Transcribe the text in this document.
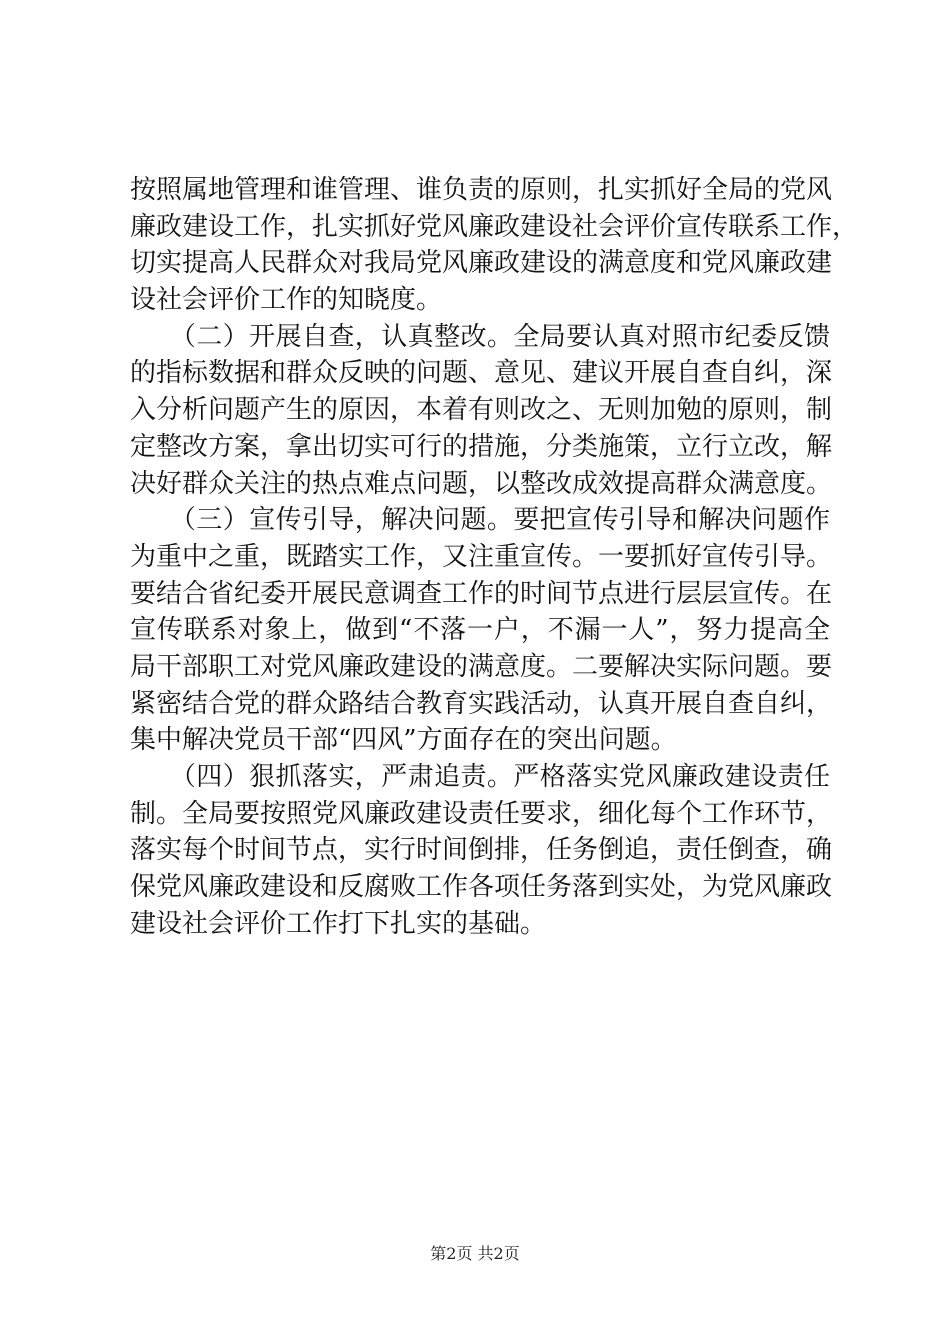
按照属地管理和谁管理、谁负责的原则，扎实抓好全局的党风
廉政建设工作，扎实抓好党风廉政建设社会评价宣传联系工作，
切实提高人民群众对我局党风廉政建设的满意度和党风廉政建
设社会评价工作的知晓度。
　　（二）开展自查，认真整改。全局要认真对照市纪委反馈
的指标数据和群众反映的问题、意见、建议开展自查自纠，深
入分析问题产生的原因，本着有则改之、无则加勉的原则，制
定整改方案，拿出切实可行的措施，分类施策，立行立改，解
决好群众关注的热点难点问题，以整改成效提高群众满意度。
　　（三）宣传引导，解决问题。要把宣传引导和解决问题作
为重中之重，既踏实工作，又注重宣传。一要抓好宣传引导。
要结合省纪委开展民意调查工作的时间节点进行层层宣传。在
宣传联系对象上，做到“不落一户，不漏一人”，努力提高全
局干部职工对党风廉政建设的满意度。二要解决实际问题。要
紧密结合党的群众路结合教育实践活动，认真开展自查自纠，
集中解决党员干部“四风”方面存在的突出问题。
　　（四）狠抓落实，严肃追责。严格落实党风廉政建设责任
制。全局要按照党风廉政建设责任要求，细化每个工作环节，
落实每个时间节点，实行时间倒排，任务倒追，责任倒查，确
保党风廉政建设和反腐败工作各项任务落到实处，为党风廉政
建设社会评价工作打下扎实的基础。
第2页 共2页
